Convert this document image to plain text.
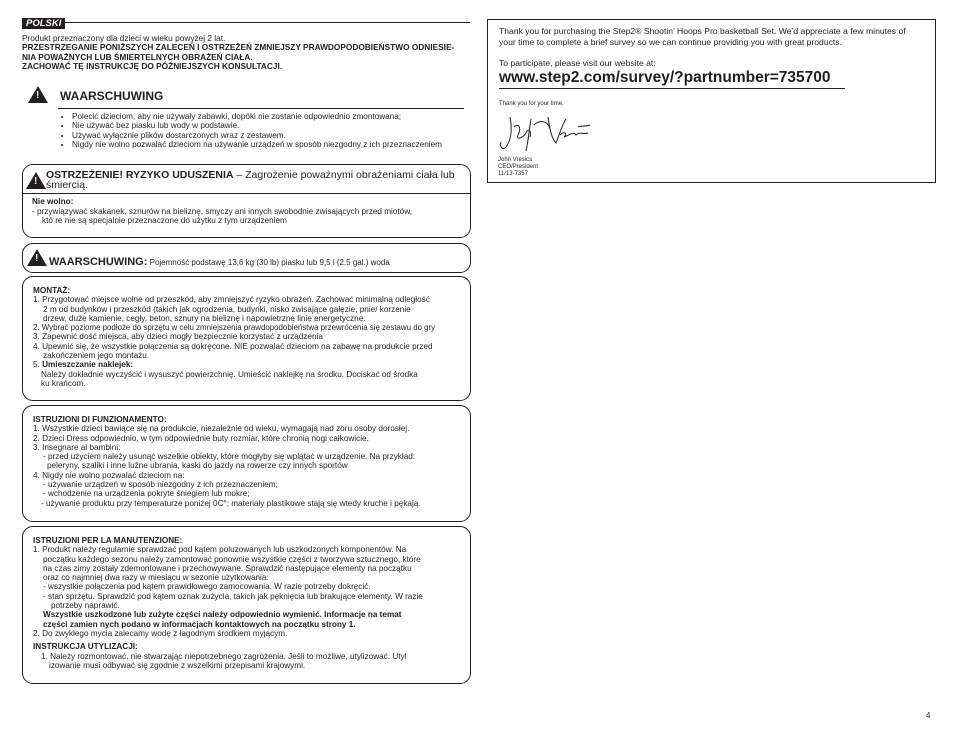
POLSKI
Produkt przeznaczony dla dzieci w wieku powyżej 2 lat.
PRZESTRZEGANIE PONIŻSZYCH ZALECEŃ I OSTRZEŻEŃ ZMNIEJSZY PRAWDOPODOBIEŃSTWO ODNIESIE-
NIA POWAŻNYCH LUB ŚMIERTELNYCH OBRAŻEŃ CIAŁA.
ZACHOWAĆ TĘ INSTRUKCJĘ DO PÓŹNIEJSZYCH KONSULTACJI.
!
WAARSCHUWING
• Polecić dzieciom, aby nie używały zabawki, dopóki nie zostanie odpowiednio zmontowana;
• Nie używać bez piasku lub wody w podstawie.
• Używać wyłącznie plików dostarczonych wraz z zestawem.
• Nigdy nie wolno pozwalać dzieciom na używanie urządzeń w sposób niezgodny z ich przeznaczeniem
!
OSTRZEŻENIE! RYZYKO UDUSZENIA – Zagrożenie poważnymi obrażeniami ciała lub śmiercią.
Nie wolno:
- przywiązywać skakanek, sznurów na bieliznę, smyczy ani innych swobodnie zwisających przed miotów,
któ re nie są specjalnie przeznaczone do użytku z tym urządzeniem
!
WAARSCHUWING: Pojemność podstawę 13,6 kg (30 lb) piasku lub 9,5 l (2.5 gal.) woda
MONTAŻ:
1. Przygotować miejsce wolne od przeszkód, aby zmniejszyć ryzyko obrażeń. Zachować minimalną odległość
2 m od budynków i przeszkód (takich jak ogrodzenia, budynki, nisko zwisające gałęzie, pnie/ korzenie
drzew, duże kamienie, cegły, beton, sznury na bieliznę i napowietrzne linie energetyczne.
2. Wybrać poziome podłoże do sprzętu w celu zmniejszenia prawdopodobieństwa przewrócenia się zestawu do gry
3. Zapewnić dość miejsca, aby dzieci mogły bezpiecznie korzystać z urządzenia
4. Upewnić się, że wszystkie połączenia są dokręcone. NIE pozwalać dzieciom na zabawę na produkcie przed
zakończeniem jego montażu.
5. Umieszczanie naklejek:
Należy dokładnie wyczyścić i wysuszyć powierzchnię. Umieścić naklejkę na środku. Dociskać od środka
ku krańcom.
ISTRUZIONI DI FUNZIONAMENTO:
1. Wszystkie dzieci bawiące się na produkcie, niezależnie od wieku, wymagają nad zoru osoby dorosłej.
2. Dzieci Dress odpowiednio, w tym odpowiednie buty rozmiar, które chronią nogi całkowicie.
3. Insegnare ai bambini:
- przed użyciem należy usunąć wszelkie obiekty, które mogłyby się wplątać w urządzenie. Na przykład:
peleryny, szaliki i inne luźne ubrania, kaski do jazdy na rowerze czy innych sportów
4. Nigdy nie wolno pozwalać dzieciom na:
- używanie urządzeń w sposób niezgodny z ich przeznaczeniem;
- wchodzenie na urządzenia pokryte śniegiem lub mokre;
- używanie produktu przy temperaturze poniżej 0C°; materiały plastikowe stają się wtedy kruche i pękają.
ISTRUZIONI PER LA MANUTENZIONE:
1. Produkt należy regularnie sprawdzać pod kątem poluzowanych lub uszkodzonych komponentów. Na
początku każdego sezonu należy zamontować ponownie wszystkie części z tworzywa sztucznego, które
na czas zimy zostały zdemontowane i przechowywane. Sprawdzić następujące elementy na początku
oraz co najmniej dwa razy w miesiącu w sezonie użytkowania:
- wszystkie połączenia pod kątem prawidłowego zamocowania. W razie potrzeby dokręcić.
- stan sprzętu. Sprawdzić pod kątem oznak zużycia, takich jak pęknięcia lub brakujące elementy. W razie
potrzeby naprawić.
Wszystkie uszkodzone lub zużyte części należy odpowiednio wymienić. Informacje na temat
części zamien nych podano w informacjach kontaktowych na początku strony 1.
2. Do zwykłego mycia zalecamy wodę z łagodnym środkiem myjącym.
INSTRUKCJA UTYLIZACJI:
1. Należy rozmontować, nie stwarzając niepotrzebnego zagrożenia. Jeśli to możliwe, utylizować. Utyl
izowanie musi odbywać się zgodnie z wszelkimi przepisami krajowymi.
Thank you for purchasing the Step2® Shootin’ Hoops Pro basketball Set. We’d appreciate a few minutes of your time to complete a brief survey so we can continue providing you with great products.
To participate, please visit our website at:
www.step2.com/survey/?partnumber=735700
Thank you for your time,
John Vresics
CEO/President
11/13-7357
4
